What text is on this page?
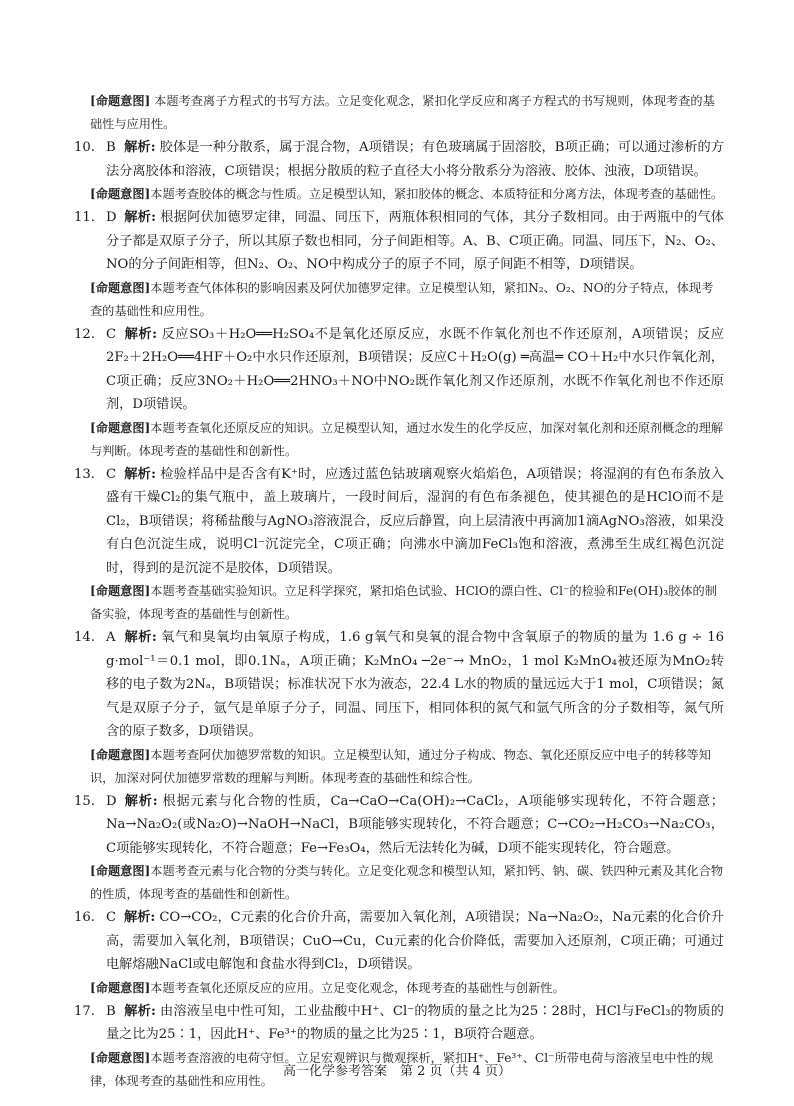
[命题意图] 本题考查离子方程式的书写方法。立足变化观念，紧扣化学反应和离子方程式的书写规则，体现考查的基础性与应用性。

10. B 解析: 胶体是一种分散系，属于混合物，A项错误；有色玻璃属于固溶胶，B项正确；可以通过渗析的方法分离胶体和溶液，C项错误；根据分散质的粒子直径大小将分散系分为溶液、胶体、浊液，D项错误。

[命题意图]本题考查胶体的概念与性质。立足模型认知，紧扣胶体的概念、本质特征和分离方法，体现考查的基础性。

11. D 解析: 根据阿伏加德罗定律，同温、同压下，两瓶体积相同的气体，其分子数相同。由于两瓶中的气体分子都是双原子分子，所以其原子数也相同，分子间距相等。A、B、C项正确。同温、同压下，N₂、O₂、NO的分子间距相等，但N₂、O₂、NO中构成分子的原子不同，原子间距不相等，D项错误。

[命题意图]本题考查气体体积的影响因素及阿伏加德罗定律。立足模型认知，紧扣N₂、O₂、NO的分子特点，体现考查的基础性和应用性。

12. C 解析: 反应SO₃＋H₂O══H₂SO₄不是氧化还原反应，水既不作氧化剂也不作还原剂，A项错误；反应2F₂＋2H₂O══4HF＋O₂中水只作还原剂，B项错误；反应C＋H₂O(g) ═高温═ CO＋H₂中水只作氧化剂，C项正确；反应3NO₂＋H₂O══2HNO₃＋NO中NO₂既作氧化剂又作还原剂，水既不作氧化剂也不作还原剂，D项错误。

[命题意图]本题考查氧化还原反应的知识。立足模型认知，通过水发生的化学反应，加深对氧化剂和还原剂概念的理解与判断。体现考查的基础性和创新性。

13. C 解析: 检验样品中是否含有K⁺时，应透过蓝色钴玻璃观察火焰焰色，A项错误；将湿润的有色布条放入盛有干燥Cl₂的集气瓶中，盖上玻璃片，一段时间后，湿润的有色布条褪色，使其褪色的是HClO而不是Cl₂，B项错误；将稀盐酸与AgNO₃溶液混合，反应后静置，向上层清液中再滴加1滴AgNO₃溶液，如果没有白色沉淀生成，说明Cl⁻沉淀完全，C项正确；向沸水中滴加FeCl₃饱和溶液，煮沸至生成红褐色沉淀时，得到的是沉淀不是胶体，D项错误。

[命题意图]本题考查基础实验知识。立足科学探究，紧扣焰色试验、HClO的漂白性、Cl⁻的检验和Fe(OH)₃胶体的制备实验，体现考查的基础性与创新性。

14. A 解析: 氧气和臭氧均由氧原子构成，1.6 g氧气和臭氧的混合物中含氧原子的物质的量为 1.6 g ÷ 16 g·mol⁻¹＝0.1 mol，即0.1Nₐ，A项正确；K₂MnO₄ ─2e⁻→ MnO₂，1 mol K₂MnO₄被还原为MnO₂转移的电子数为2Nₐ，B项错误；标准状况下水为液态，22.4 L水的物质的量远远大于1 mol，C项错误；氮气是双原子分子，氩气是单原子分子，同温、同压下，相同体积的氮气和氩气所含的分子数相等，氮气所含的原子数多，D项错误。

[命题意图]本题考查阿伏加德罗常数的知识。立足模型认知，通过分子构成、物态、氧化还原反应中电子的转移等知识，加深对阿伏加德罗常数的理解与判断。体现考查的基础性和综合性。

15. D 解析: 根据元素与化合物的性质，Ca→CaO→Ca(OH)₂→CaCl₂，A项能够实现转化，不符合题意；Na→Na₂O₂(或Na₂O)→NaOH→NaCl，B项能够实现转化，不符合题意；C→CO₂→H₂CO₃→Na₂CO₃，C项能够实现转化，不符合题意；Fe→Fe₃O₄，然后无法转化为碱，D项不能实现转化，符合题意。

[命题意图]本题考查元素与化合物的分类与转化。立足变化观念和模型认知，紧扣钙、钠、碳、铁四种元素及其化合物的性质，体现考查的基础性和创新性。

16. C 解析: CO→CO₂，C元素的化合价升高，需要加入氧化剂，A项错误；Na→Na₂O₂，Na元素的化合价升高，需要加入氧化剂，B项错误；CuO→Cu，Cu元素的化合价降低，需要加入还原剂，C项正确；可通过电解熔融NaCl或电解饱和食盐水得到Cl₂，D项错误。

[命题意图]本题考查氧化还原反应的应用。立足变化观念，体现考查的基础性与创新性。

17. B 解析: 由溶液呈电中性可知，工业盐酸中H⁺、Cl⁻的物质的量之比为25∶28时，HCl与FeCl₃的物质的量之比为25∶1，因此H⁺、Fe³⁺的物质的量之比为25∶1，B项符合题意。

[命题意图]本题考查溶液的电荷守恒。立足宏观辨识与微观探析，紧扣H⁺、Fe³⁺、Cl⁻所带电荷与溶液呈电中性的规律，体现考查的基础性和应用性。

高一化学参考答案　第 2 页（共 4 页）
